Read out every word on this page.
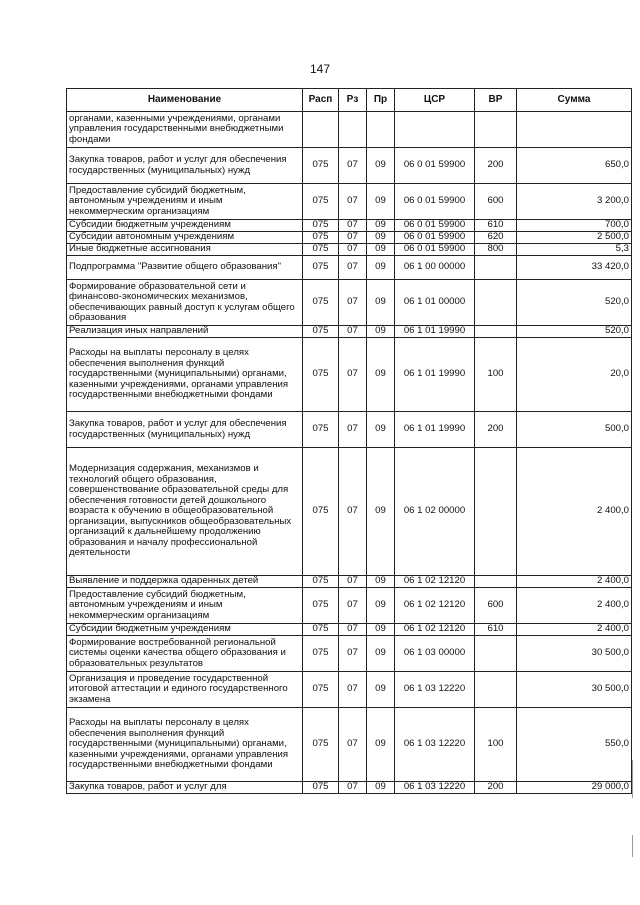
147
Наименование	Расп	Рз	Пр	ЦСР	ВР	Сумма
органами, казенными учреждениями, органами управления государственными внебюджетными фондами						
Закупка товаров, работ и услуг для обеспечения государственных (муниципальных) нужд	075	07	09	06 0 01 59900	200	650,0
Предоставление субсидий бюджетным, автономным учреждениям и иным некоммерческим организациям	075	07	09	06 0 01 59900	600	3 200,0
Субсидии бюджетным учреждениям	075	07	09	06 0 01 59900	610	700,0
Субсидии автономным учреждениям	075	07	09	06 0 01 59900	620	2 500,0
Иные бюджетные ассигнования	075	07	09	06 0 01 59900	800	5,3
Подпрограмма "Развитие общего образования"	075	07	09	06 1 00 00000		33 420,0
Формирование образовательной сети и финансово-экономических механизмов, обеспечивающих равный доступ к услугам общего образования	075	07	09	06 1 01 00000		520,0
Реализация иных направлений	075	07	09	06 1 01 19990		520,0
Расходы на выплаты персоналу в целях обеспечения выполнения функций государственными (муниципальными) органами, казенными учреждениями, органами управления государственными внебюджетными фондами	075	07	09	06 1 01 19990	100	20,0
Закупка товаров, работ и услуг для обеспечения государственных (муниципальных) нужд	075	07	09	06 1 01 19990	200	500,0
Модернизация содержания, механизмов и технологий общего образования, совершенствование образовательной среды для обеспечения готовности детей дошкольного возраста к обучению в общеобразовательной организации, выпускников общеобразовательных организаций к дальнейшему продолжению образования и началу профессиональной деятельности	075	07	09	06 1 02 00000		2 400,0
Выявление и поддержка одаренных детей	075	07	09	06 1 02 12120		2 400,0
Предоставление субсидий бюджетным, автономным учреждениям и иным некоммерческим организациям	075	07	09	06 1 02 12120	600	2 400,0
Субсидии бюджетным учреждениям	075	07	09	06 1 02 12120	610	2 400,0
Формирование востребованной региональной системы оценки качества общего образования и образовательных результатов	075	07	09	06 1 03 00000		30 500,0
Организация и проведение государственной итоговой аттестации и единого государственного экзамена	075	07	09	06 1 03 12220		30 500,0
Расходы на выплаты персоналу в целях обеспечения выполнения функций государственными (муниципальными) органами, казенными учреждениями, органами управления государственными внебюджетными фондами	075	07	09	06 1 03 12220	100	550,0
Закупка товаров, работ и услуг для	075	07	09	06 1 03 12220	200	29 000,0
